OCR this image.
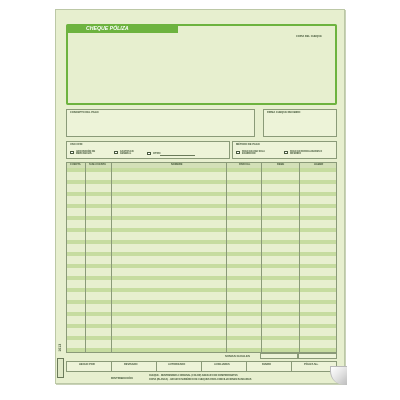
CHEQUE PÓLIZA
COPIA DEL CHEQUE
CONCEPTO DEL PAGO	FIRMA CHEQUE RECIBIDO
USO CFDI
ADQUISICIÓN DE MERCANCÍAS
GASTOS EN GENERAL	OTRO
MÉTODO DE PAGO
PAGO EN UNA SOLA EXHIBICIÓN
PAGO EN PARCIALIDADES O DIFERIDO
CUENTA	SUB-CUENTA	NOMBRE	PARCIAL	DEBE	HABER
SUMAS IGUALES
1013
HECHO POR	REVISADO	AUTORIZADO	AUXILIARES	DIARIO	PÓLIZA No.
DISTRIBUCIÓN	CHEQUE - DESPRENDER A ORIGINAL (COLOR) ANEXAR CON COMPROBANTES
COPIA (BLANCA) - ARCHIVO NUMÉRICO DE CHEQUES PARA CONCILIACIONES BANCARIAS
